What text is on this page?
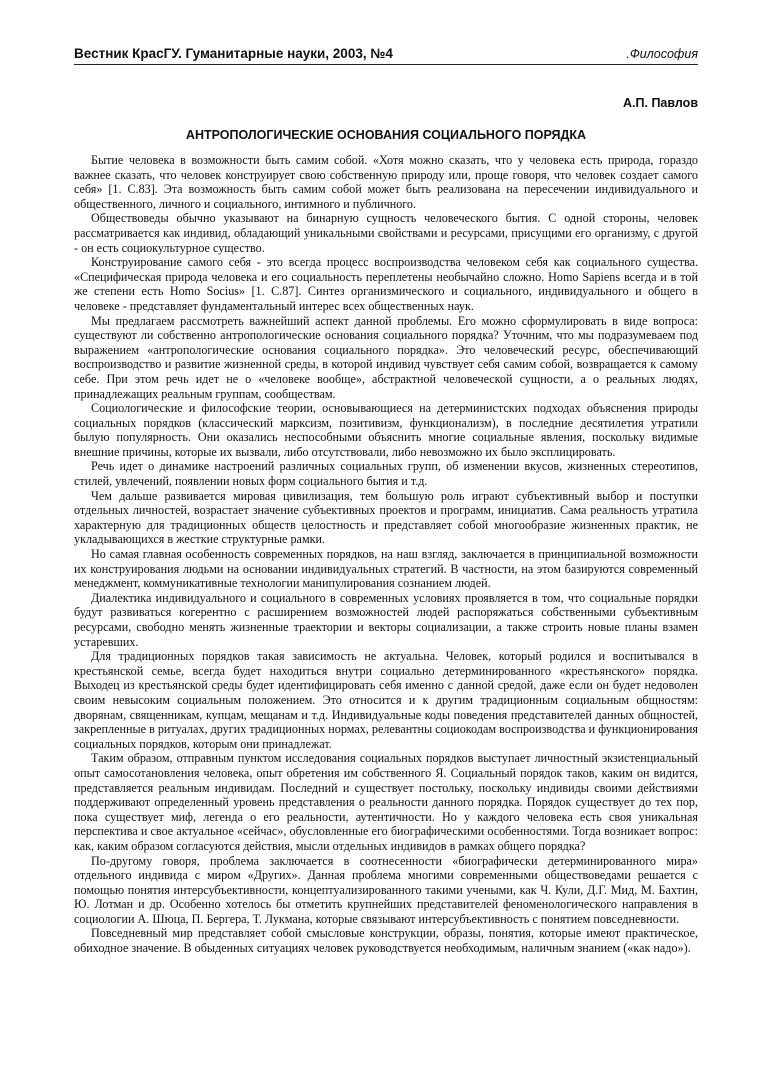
Вестник КрасГУ. Гуманитарные науки, 2003, №4	.Философия
А.П. Павлов
АНТРОПОЛОГИЧЕСКИЕ ОСНОВАНИЯ СОЦИАЛЬНОГО ПОРЯДКА

Бытие человека в возможности быть самим собой. «Хотя можно сказать, что у человека есть природа, гораздо важнее сказать, что человек конструирует свою собственную природу или, проще говоря, что человек создает самого себя» [1. С.83]. Эта возможность быть самим собой может быть реализована на пересечении индивидуального и общественного, личного и социального, интимного и публичного.

Обществоведы обычно указывают на бинарную сущность человеческого бытия. С одной стороны, человек рассматривается как индивид, обладающий уникальными свойствами и ресурсами, присущими его организму, с другой - он есть социокультурное существо.

Конструирование самого себя - это всегда процесс воспроизводства человеком себя как социального существа. «Специфическая природа человека и его социальность переплетены необычайно сложно. Homo Sapiens всегда и в той же степени есть Homo Socius» [1. С.87]. Синтез организмического и социального, индивидуального и общего в человеке - представляет фундаментальный интерес всех общественных наук.

Мы предлагаем рассмотреть важнейший аспект данной проблемы. Его можно сформулировать в виде вопроса: существуют ли собственно антропологические основания социального порядка? Уточним, что мы подразумеваем под выражением «антропологические основания социального порядка». Это человеческий ресурс, обеспечивающий воспроизводство и развитие жизненной среды, в которой индивид чувствует себя самим собой, возвращается к самому себе. При этом речь идет не о «человеке вообще», абстрактной человеческой сущности, а о реальных людях, принадлежащих реальным группам, сообществам.

Социологические и философские теории, основывающиеся на детерминистских подходах объяснения природы социальных порядков (классический марксизм, позитивизм, функционализм), в последние десятилетия утратили былую популярность. Они оказались неспособными объяснить многие социальные явления, поскольку видимые внешние причины, которые их вызвали, либо отсутствовали, либо невозможно их было эксплицировать.

Речь идет о динамике настроений различных социальных групп, об изменении вкусов, жизненных стереотипов, стилей, увлечений, появлении новых форм социального бытия и т.д.

Чем дальше развивается мировая цивилизация, тем большую роль играют субъективный выбор и поступки отдельных личностей, возрастает значение субъективных проектов и программ, инициатив. Сама реальность утратила характерную для традиционных обществ целостность и представляет собой многообразие жизненных практик, не укладывающихся в жесткие структурные рамки.

Но самая главная особенность современных порядков, на наш взгляд, заключается в принципиальной возможности их конструирования людьми на основании индивидуальных стратегий. В частности, на этом базируются современный менеджмент, коммуникативные технологии манипулирования сознанием людей.

Диалектика индивидуального и социального в современных условиях проявляется в том, что социальные порядки будут развиваться когерентно с расширением возможностей людей распоряжаться собственными субъективным ресурсами, свободно менять жизненные траектории и векторы социализации, а также строить новые планы взамен устаревших.

Для традиционных порядков такая зависимость не актуальна. Человек, который родился и воспитывался в крестьянской семье, всегда будет находиться внутри социально детерминированного «крестьянского» порядка. Выходец из крестьянской среды будет идентифицировать себя именно с данной средой, даже если он будет недоволен своим невысоким социальным положением. Это относится и к другим традиционным социальным общностям: дворянам, священникам, купцам, мещанам и т.д. Индивидуальные коды поведения представителей данных общностей, закрепленные в ритуалах, других традиционных нормах, релевантны социокодам воспроизводства и функционирования социальных порядков, которым они принадлежат.

Таким образом, отправным пунктом исследования социальных порядков выступает личностный экзистенциальный опыт самосотановления человека, опыт обретения им собственного Я. Социальный порядок таков, каким он видится, представляется реальным индивидам. Последний и существует постольку, поскольку индивиды своими действиями поддерживают определенный уровень представления о реальности данного порядка. Порядок существует до тех пор, пока существует миф, легенда о его реальности, аутентичности. Но у каждого человека есть своя уникальная перспектива и свое актуальное «сейчас», обусловленные его биографическими особенностями. Тогда возникает вопрос: как, каким образом согласуются действия, мысли отдельных индивидов в рамках общего порядка?

По-другому говоря, проблема заключается в соотнесенности «биографически детерминированного мира» отдельного индивида с миром «Других». Данная проблема многими современными обществоведами решается с помощью понятия интерсубъективности, концептуализированного такими учеными, как Ч. Кули, Д.Г. Мид, М. Бахтин, Ю. Лотман и др. Особенно хотелось бы отметить крупнейших представителей феноменологического направления в социологии А. Шюца, П. Бергера, Т. Лукмана, которые связывают интерсубъективность с понятием повседневности.

Повседневный мир представляет собой смысловые конструкции, образы, понятия, которые имеют практическое, обиходное значение. В обыденных ситуациях человек руководствуется необходимым, наличным знанием («как надо»).
